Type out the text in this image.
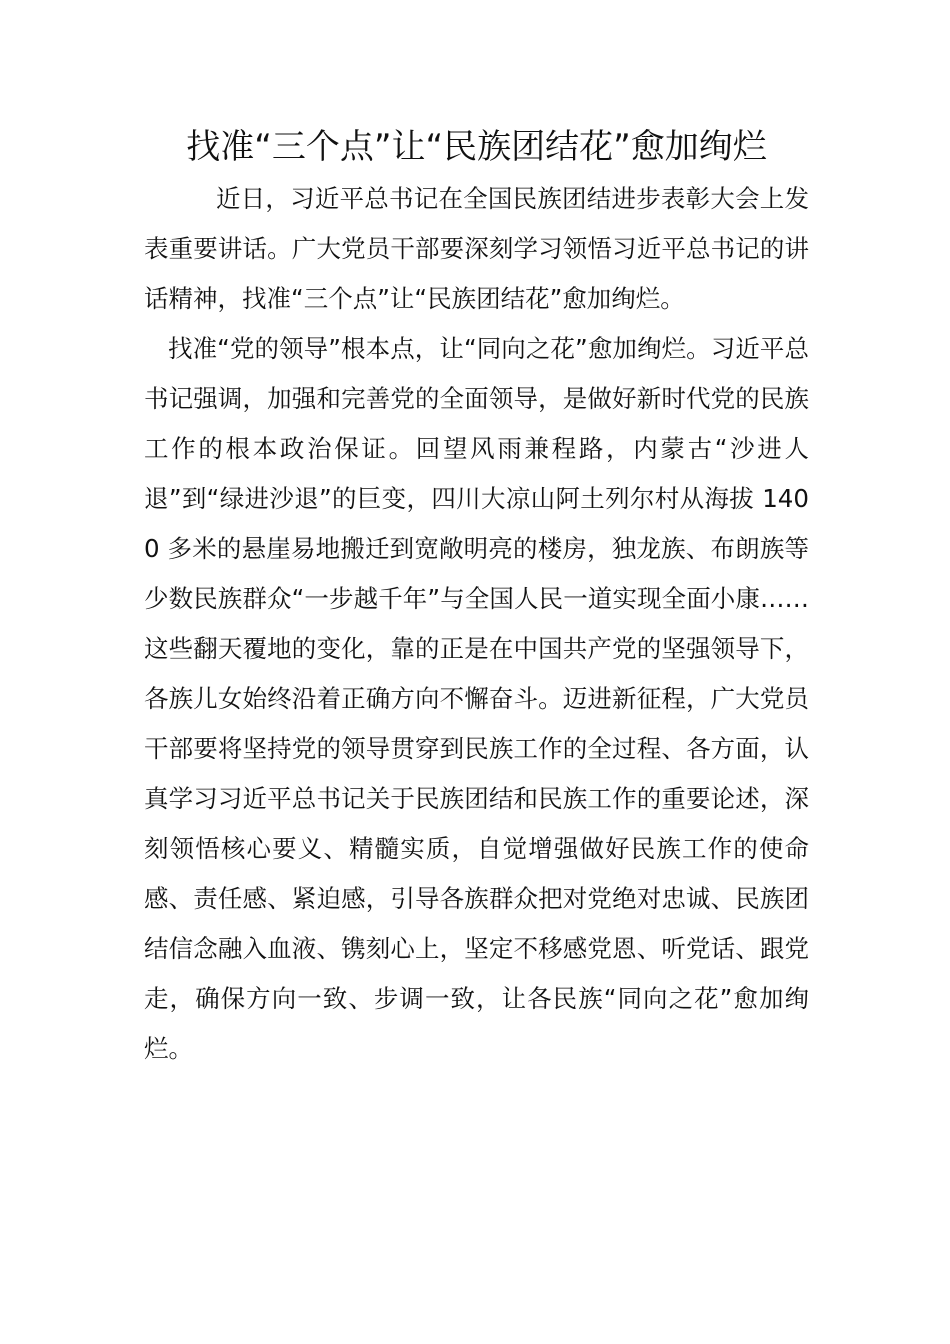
找准“三个点”让“民族团结花”愈加绚烂

近日，习近平总书记在全国民族团结进步表彰大会上发表重要讲话。广大党员干部要深刻学习领悟习近平总书记的讲话精神，找准“三个点”让“民族团结花”愈加绚烂。

找准“党的领导”根本点，让“同向之花”愈加绚烂。习近平总书记强调，加强和完善党的全面领导，是做好新时代党的民族工作的根本政治保证。回望风雨兼程路，内蒙古“沙进人退”到“绿进沙退”的巨变，四川大凉山阿土列尔村从海拔 1400 多米的悬崖易地搬迁到宽敞明亮的楼房，独龙族、布朗族等少数民族群众“一步越千年”与全国人民一道实现全面小康……这些翻天覆地的变化，靠的正是在中国共产党的坚强领导下，各族儿女始终沿着正确方向不懈奋斗。迈进新征程，广大党员干部要将坚持党的领导贯穿到民族工作的全过程、各方面，认真学习习近平总书记关于民族团结和民族工作的重要论述，深刻领悟核心要义、精髓实质，自觉增强做好民族工作的使命感、责任感、紧迫感，引导各族群众把对党绝对忠诚、民族团结信念融入血液、镌刻心上，坚定不移感党恩、听党话、跟党走，确保方向一致、步调一致，让各民族“同向之花”愈加绚烂。
